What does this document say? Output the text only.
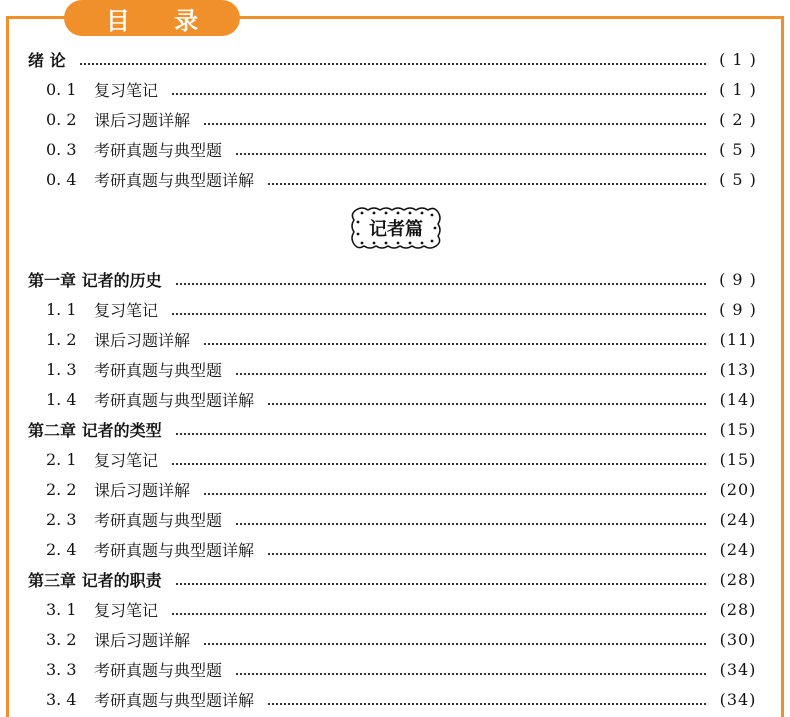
目 录
记者篇
绪 论	( 1 )
0. 1	复习笔记	( 1 )
0. 2	课后习题详解	( 2 )
0. 3	考研真题与典型题	( 5 )
0. 4	考研真题与典型题详解	( 5 )
第一章 记者的历史	( 9 )
1. 1	复习笔记	( 9 )
1. 2	课后习题详解	(11)
1. 3	考研真题与典型题	(13)
1. 4	考研真题与典型题详解	(14)
第二章 记者的类型	(15)
2. 1	复习笔记	(15)
2. 2	课后习题详解	(20)
2. 3	考研真题与典型题	(24)
2. 4	考研真题与典型题详解	(24)
第三章 记者的职责	(28)
3. 1	复习笔记	(28)
3. 2	课后习题详解	(30)
3. 3	考研真题与典型题	(34)
3. 4	考研真题与典型题详解	(34)
